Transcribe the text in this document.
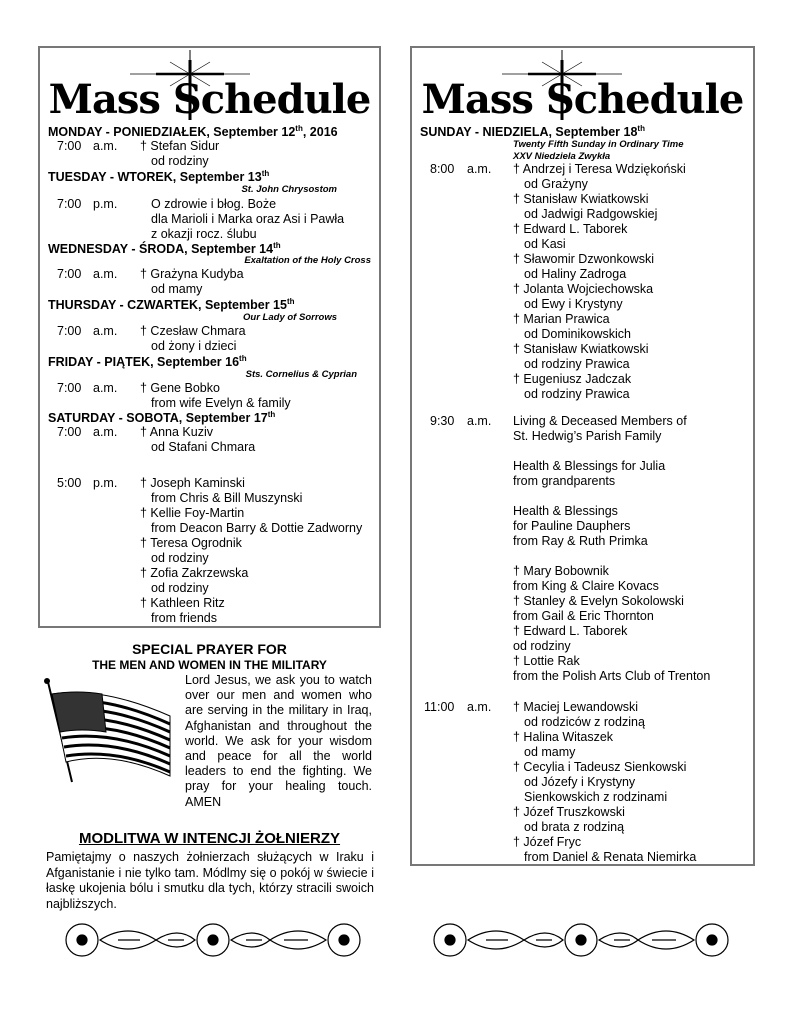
Mass Schedule
MONDAY - PONIEDZIAŁEK, September 12th, 2016
7:00 a.m. † Stefan Sidur
od rodziny
TUESDAY - WTOREK, September 13th
St. John Chrysostom
7:00 p.m.	O zdrowie i błog. Boże
dla Marioli i Marka oraz Asi i Pawła
z okazji rocz. ślubu
WEDNESDAY - ŚRODA, September 14th
Exaltation of the Holy Cross
7:00 a.m. † Grażyna Kudyba
od mamy
THURSDAY - CZWARTEK, September 15th
Our Lady of Sorrows
7:00 a.m. † Czesław Chmara
od żony i dzieci
FRIDAY - PIĄTEK, September 16th
Sts. Cornelius & Cyprian
7:00 a.m. † Gene Bobko
from wife Evelyn & family
SATURDAY - SOBOTA, September 17th
7:00 a.m. † Anna Kuziv
od Stafani Chmara
5:00 p.m. † Joseph Kaminski
from Chris & Bill Muszynski
† Kellie Foy-Martin
from Deacon Barry & Dottie Zadworny
† Teresa Ogrodnik
od rodziny
† Zofia Zakrzewska
od rodziny
† Kathleen Ritz
from friends
Mass Schedule
SUNDAY - NIEDZIELA, September 18th
Twenty Fifth Sunday in Ordinary Time
XXV Niedziela Zwykła
8:00 a.m. † Andrzej i Teresa Wdziękoński
od Grażyny
† Stanisław Kwiatkowski
od Jadwigi Radgowskiej
† Edward L. Taborek
od Kasi
† Sławomir Dzwonkowski
od Haliny Zadroga
† Jolanta Wojciechowska
od Ewy i Krystyny
† Marian Prawica
od Dominikowskich
† Stanisław Kwiatkowski
od rodziny Prawica
† Eugeniusz Jadczak
od rodziny Prawica
9:30 a.m. Living & Deceased Members of
St. Hedwig’s Parish Family
Health & Blessings for Julia
from grandparents
Health & Blessings
for Pauline Dauphers
from Ray & Ruth Primka
† Mary Bobownik
from King & Claire Kovacs
† Stanley & Evelyn Sokolowski
from Gail & Eric Thornton
† Edward L. Taborek
od rodziny
† Lottie Rak
from the Polish Arts Club of Trenton
11:00 a.m. † Maciej Lewandowski
od rodziców z rodziną
† Halina Witaszek
od mamy
† Cecylia i Tadeusz Sienkowski
od Józefy i Krystyny
Sienkowskich z rodzinami
† Józef Truszkowski
od brata z rodziną
† Józef Fryc
from Daniel & Renata Niemirka
SPECIAL PRAYER FOR
THE MEN AND WOMEN IN THE MILITARY
Lord Jesus, we ask you to watch over our men and women who are serving in the military in Iraq, Afghanistan and throughout the world. We ask for your wisdom and peace for all the world leaders to end the fighting. We pray for your healing touch. AMEN
MODLITWA W INTENCJI ŻOŁNIERZY
Pamiętajmy o naszych żołnierzach służących w Iraku i Afganistanie i nie tylko tam. Módlmy się o pokój w świecie i łaskę ukojenia bólu i smutku dla tych, którzy stracili swoich najbliższych.
